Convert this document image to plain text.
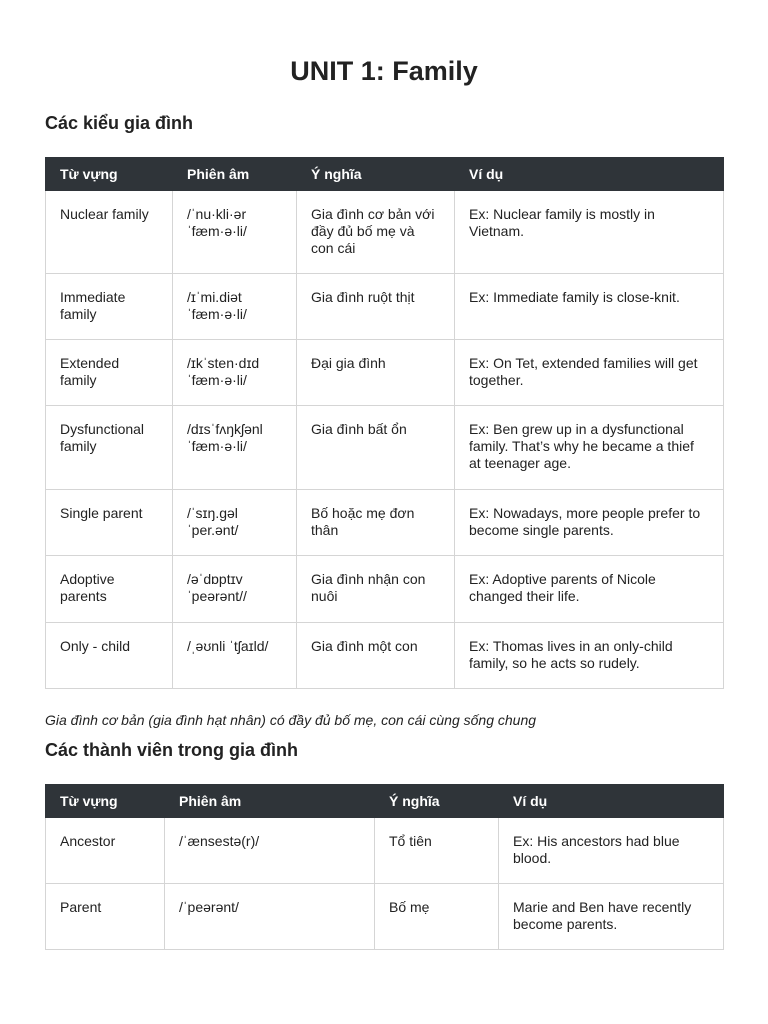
UNIT 1: Family
Các kiểu gia đình
Từ vựng	Phiên âm	Ý nghĩa	Ví dụ
Nuclear family	/ˈnu·kli·ər ˈfæm·ə·li/	Gia đình cơ bản với đầy đủ bố mẹ và con cái	Ex: Nuclear family is mostly in Vietnam.
Immediate family	/ɪˈmi.diət ˈfæm·ə·li/	Gia đình ruột thịt	Ex: Immediate family is close-knit.
Extended family	/ɪkˈsten·dɪd ˈfæm·ə·li/	Đại gia đình	Ex: On Tet, extended families will get together.
Dysfunctional family	/dɪsˈfʌŋkʃənl ˈfæm·ə·li/	Gia đình bất ổn	Ex: Ben grew up in a dysfunctional family. That’s why he became a thief at teenager age.
Single parent	/ˈsɪŋ.ɡəl ˈper.ənt/	Bố hoặc mẹ đơn thân	Ex: Nowadays, more people prefer to become single parents.
Adoptive parents	/əˈdɒptɪv ˈpeərənt//	Gia đình nhận con nuôi	Ex: Adoptive parents of Nicole changed their life.
Only - child	/ˌəʊnli ˈtʃaɪld/	Gia đình một con	Ex: Thomas lives in an only-child family, so he acts so rudely.

Gia đình cơ bản (gia đình hạt nhân) có đầy đủ bố mẹ, con cái cùng sống chung

Các thành viên trong gia đình
Từ vựng	Phiên âm	Ý nghĩa	Ví dụ
Ancestor	/ˈænsestə(r)/	Tổ tiên	Ex: His ancestors had blue blood.
Parent	/ˈpeərənt/	Bố mẹ	Marie and Ben have recently become parents.
